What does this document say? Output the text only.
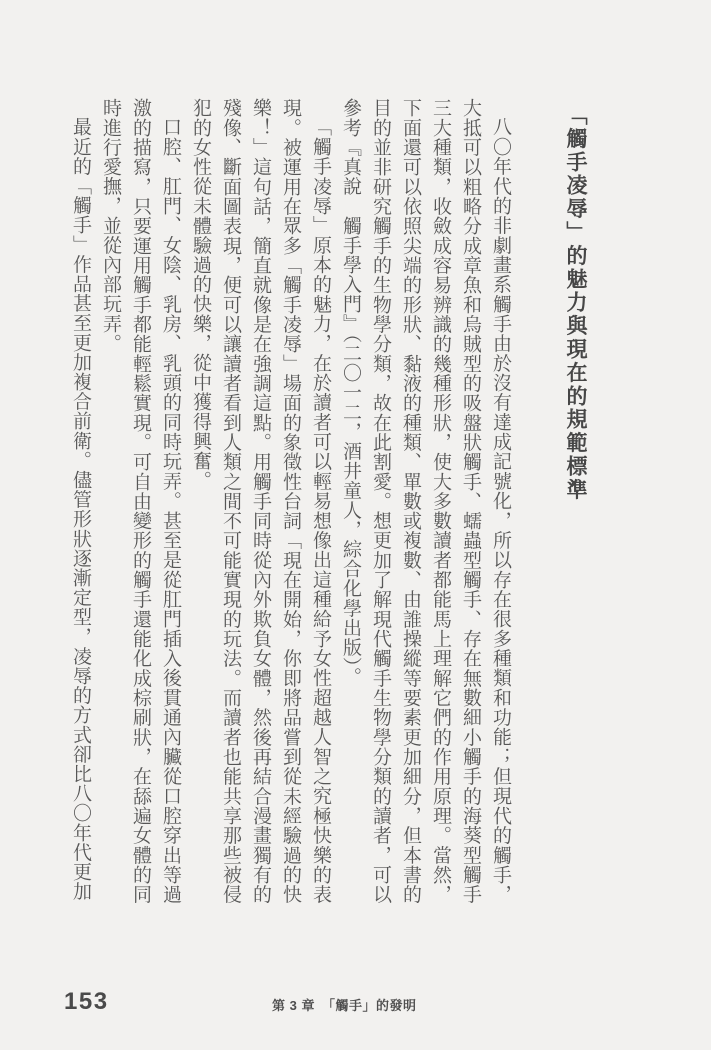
「觸手凌辱」的魅力與現在的規範標準

八〇年代的非劇畫系觸手由於沒有達成記號化，所以存在很多種類和功能；但現代的觸手，大抵可以粗略分成章魚和烏賊型的吸盤狀觸手、蠕蟲型觸手、存在無數細小觸手的海葵型觸手三大種類，收斂成容易辨識的幾種形狀，使大多數讀者都能馬上理解它們的作用原理。當然，下面還可以依照尖端的形狀、黏液的種類、單數或複數、由誰操縱等要素更加細分，但本書的目的並非研究觸手的生物學分類，故在此割愛。想更加了解現代觸手生物學分類的讀者，可以參考『真說　觸手學入門』（二〇一二，酒井童人，綜合化學出版）。

「觸手凌辱」原本的魅力，在於讀者可以輕易想像出這種給予女性超越人智之究極快樂的表現。被運用在眾多「觸手凌辱」場面的象徵性台詞「現在開始，你即將品嘗到從未經驗過的快樂！」這句話，簡直就像是在強調這點。用觸手同時從內外欺負女體，然後再結合漫畫獨有的殘像、斷面圖表現，便可以讓讀者看到人類之間不可能實現的玩法。而讀者也能共享那些被侵犯的女性從未體驗過的快樂，從中獲得興奮。

口腔、肛門、女陰、乳房、乳頭的同時玩弄。甚至是從肛門插入後貫通內臟從口腔穿出等過激的描寫，只要運用觸手都能輕鬆實現。可自由變形的觸手還能化成棕刷狀，在舔遍女體的同時進行愛撫，並從內部玩弄。

最近的「觸手」作品甚至更加複合前衛。儘管形狀逐漸定型，凌辱的方式卻比八〇年代更加

153	第 3 章　「觸手」的發明
